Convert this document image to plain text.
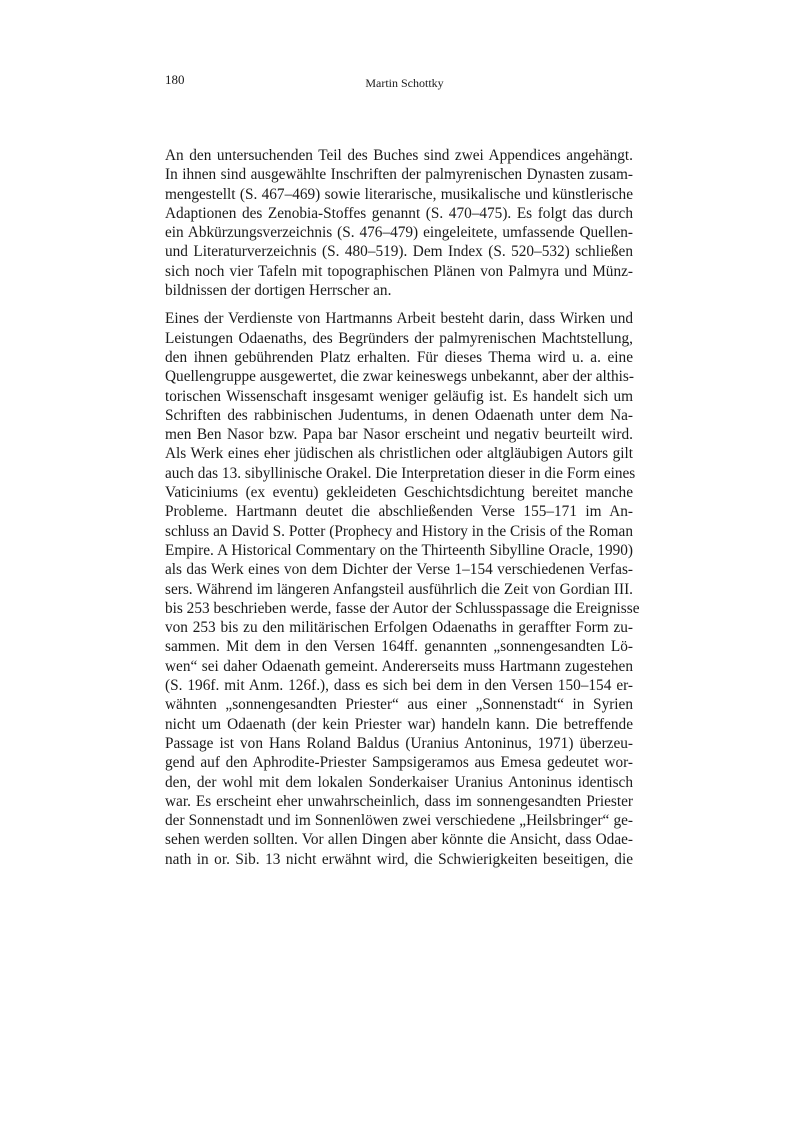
180	Martin Schottky
An den untersuchenden Teil des Buches sind zwei Appendices angehängt.
In ihnen sind ausgewählte Inschriften der palmyrenischen Dynasten zusam-
mengestellt (S. 467–469) sowie literarische, musikalische und künstlerische
Adaptionen des Zenobia-Stoffes genannt (S. 470–475). Es folgt das durch
ein Abkürzungsverzeichnis (S. 476–479) eingeleitete, umfassende Quellen-
und Literaturverzeichnis (S. 480–519). Dem Index (S. 520–532) schließen
sich noch vier Tafeln mit topographischen Plänen von Palmyra und Münz-
bildnissen der dortigen Herrscher an.
Eines der Verdienste von Hartmanns Arbeit besteht darin, dass Wirken und
Leistungen Odaenaths, des Begründers der palmyrenischen Machtstellung,
den ihnen gebührenden Platz erhalten. Für dieses Thema wird u. a. eine
Quellengruppe ausgewertet, die zwar keineswegs unbekannt, aber der althis-
torischen Wissenschaft insgesamt weniger geläufig ist. Es handelt sich um
Schriften des rabbinischen Judentums, in denen Odaenath unter dem Na-
men Ben Nasor bzw. Papa bar Nasor erscheint und negativ beurteilt wird.
Als Werk eines eher jüdischen als christlichen oder altgläubigen Autors gilt
auch das 13. sibyllinische Orakel. Die Interpretation dieser in die Form eines
Vaticiniums (ex eventu) gekleideten Geschichtsdichtung bereitet manche
Probleme. Hartmann deutet die abschließenden Verse 155–171 im An-
schluss an David S. Potter (Prophecy and History in the Crisis of the Roman
Empire. A Historical Commentary on the Thirteenth Sibylline Oracle, 1990)
als das Werk eines von dem Dichter der Verse 1–154 verschiedenen Verfas-
sers. Während im längeren Anfangsteil ausführlich die Zeit von Gordian III.
bis 253 beschrieben werde, fasse der Autor der Schlusspassage die Ereignisse
von 253 bis zu den militärischen Erfolgen Odaenaths in geraffter Form zu-
sammen. Mit dem in den Versen 164ff. genannten „sonnengesandten Lö-
wen“ sei daher Odaenath gemeint. Andererseits muss Hartmann zugestehen
(S. 196f. mit Anm. 126f.), dass es sich bei dem in den Versen 150–154 er-
wähnten „sonnengesandten Priester“ aus einer „Sonnenstadt“ in Syrien
nicht um Odaenath (der kein Priester war) handeln kann. Die betreffende
Passage ist von Hans Roland Baldus (Uranius Antoninus, 1971) überzeu-
gend auf den Aphrodite-Priester Sampsigeramos aus Emesa gedeutet wor-
den, der wohl mit dem lokalen Sonderkaiser Uranius Antoninus identisch
war. Es erscheint eher unwahrscheinlich, dass im sonnengesandten Priester
der Sonnenstadt und im Sonnenlöwen zwei verschiedene „Heilsbringer“ ge-
sehen werden sollten. Vor allen Dingen aber könnte die Ansicht, dass Odae-
nath in or. Sib. 13 nicht erwähnt wird, die Schwierigkeiten beseitigen, die
